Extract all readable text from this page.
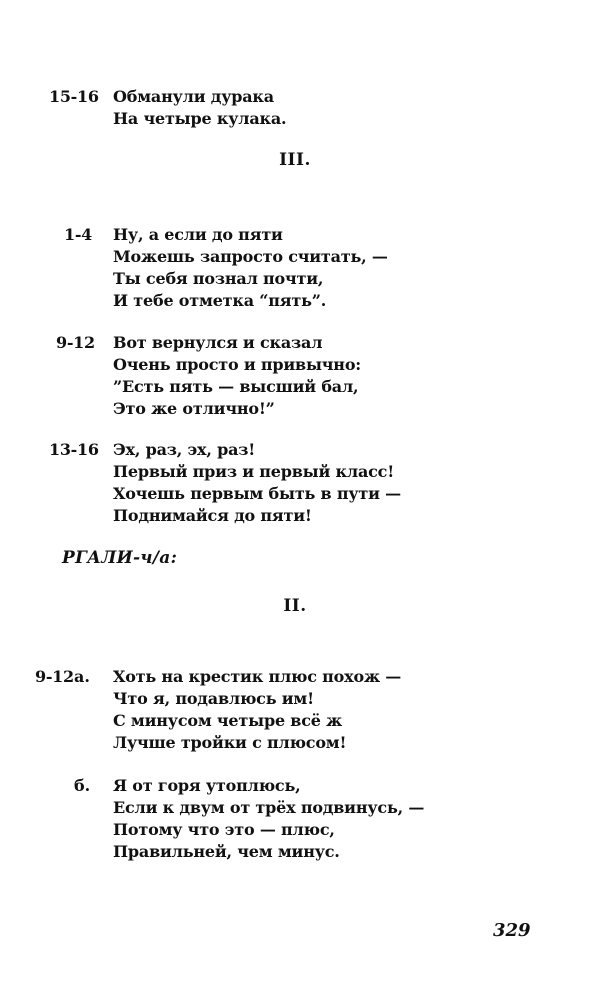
15-16 Обманули дурака
На четыре кулака.
III.
1-4 Ну, а если до пяти
Можешь запросто считать, —
Ты себя познал почти,
И тебе отметка “пять”.
9-12 Вот вернулся и сказал
Очень просто и привычно:
”Есть пять — высший бал,
Это же отлично!”
13-16 Эх, раз, эх, раз!
Первый приз и первый класс!
Хочешь первым быть в пути —
Поднимайся до пяти!
РГАЛИ-ч/а:
II.
9-12 а. Хоть на крестик плюс похож —
Что я, подавлюсь им!
С минусом четыре всё ж
Лучше тройки с плюсом!
б. Я от горя утоплюсь,
Если к двум от трёх подвинусь, —
Потому что это — плюс,
Правильней, чем минус.
329
